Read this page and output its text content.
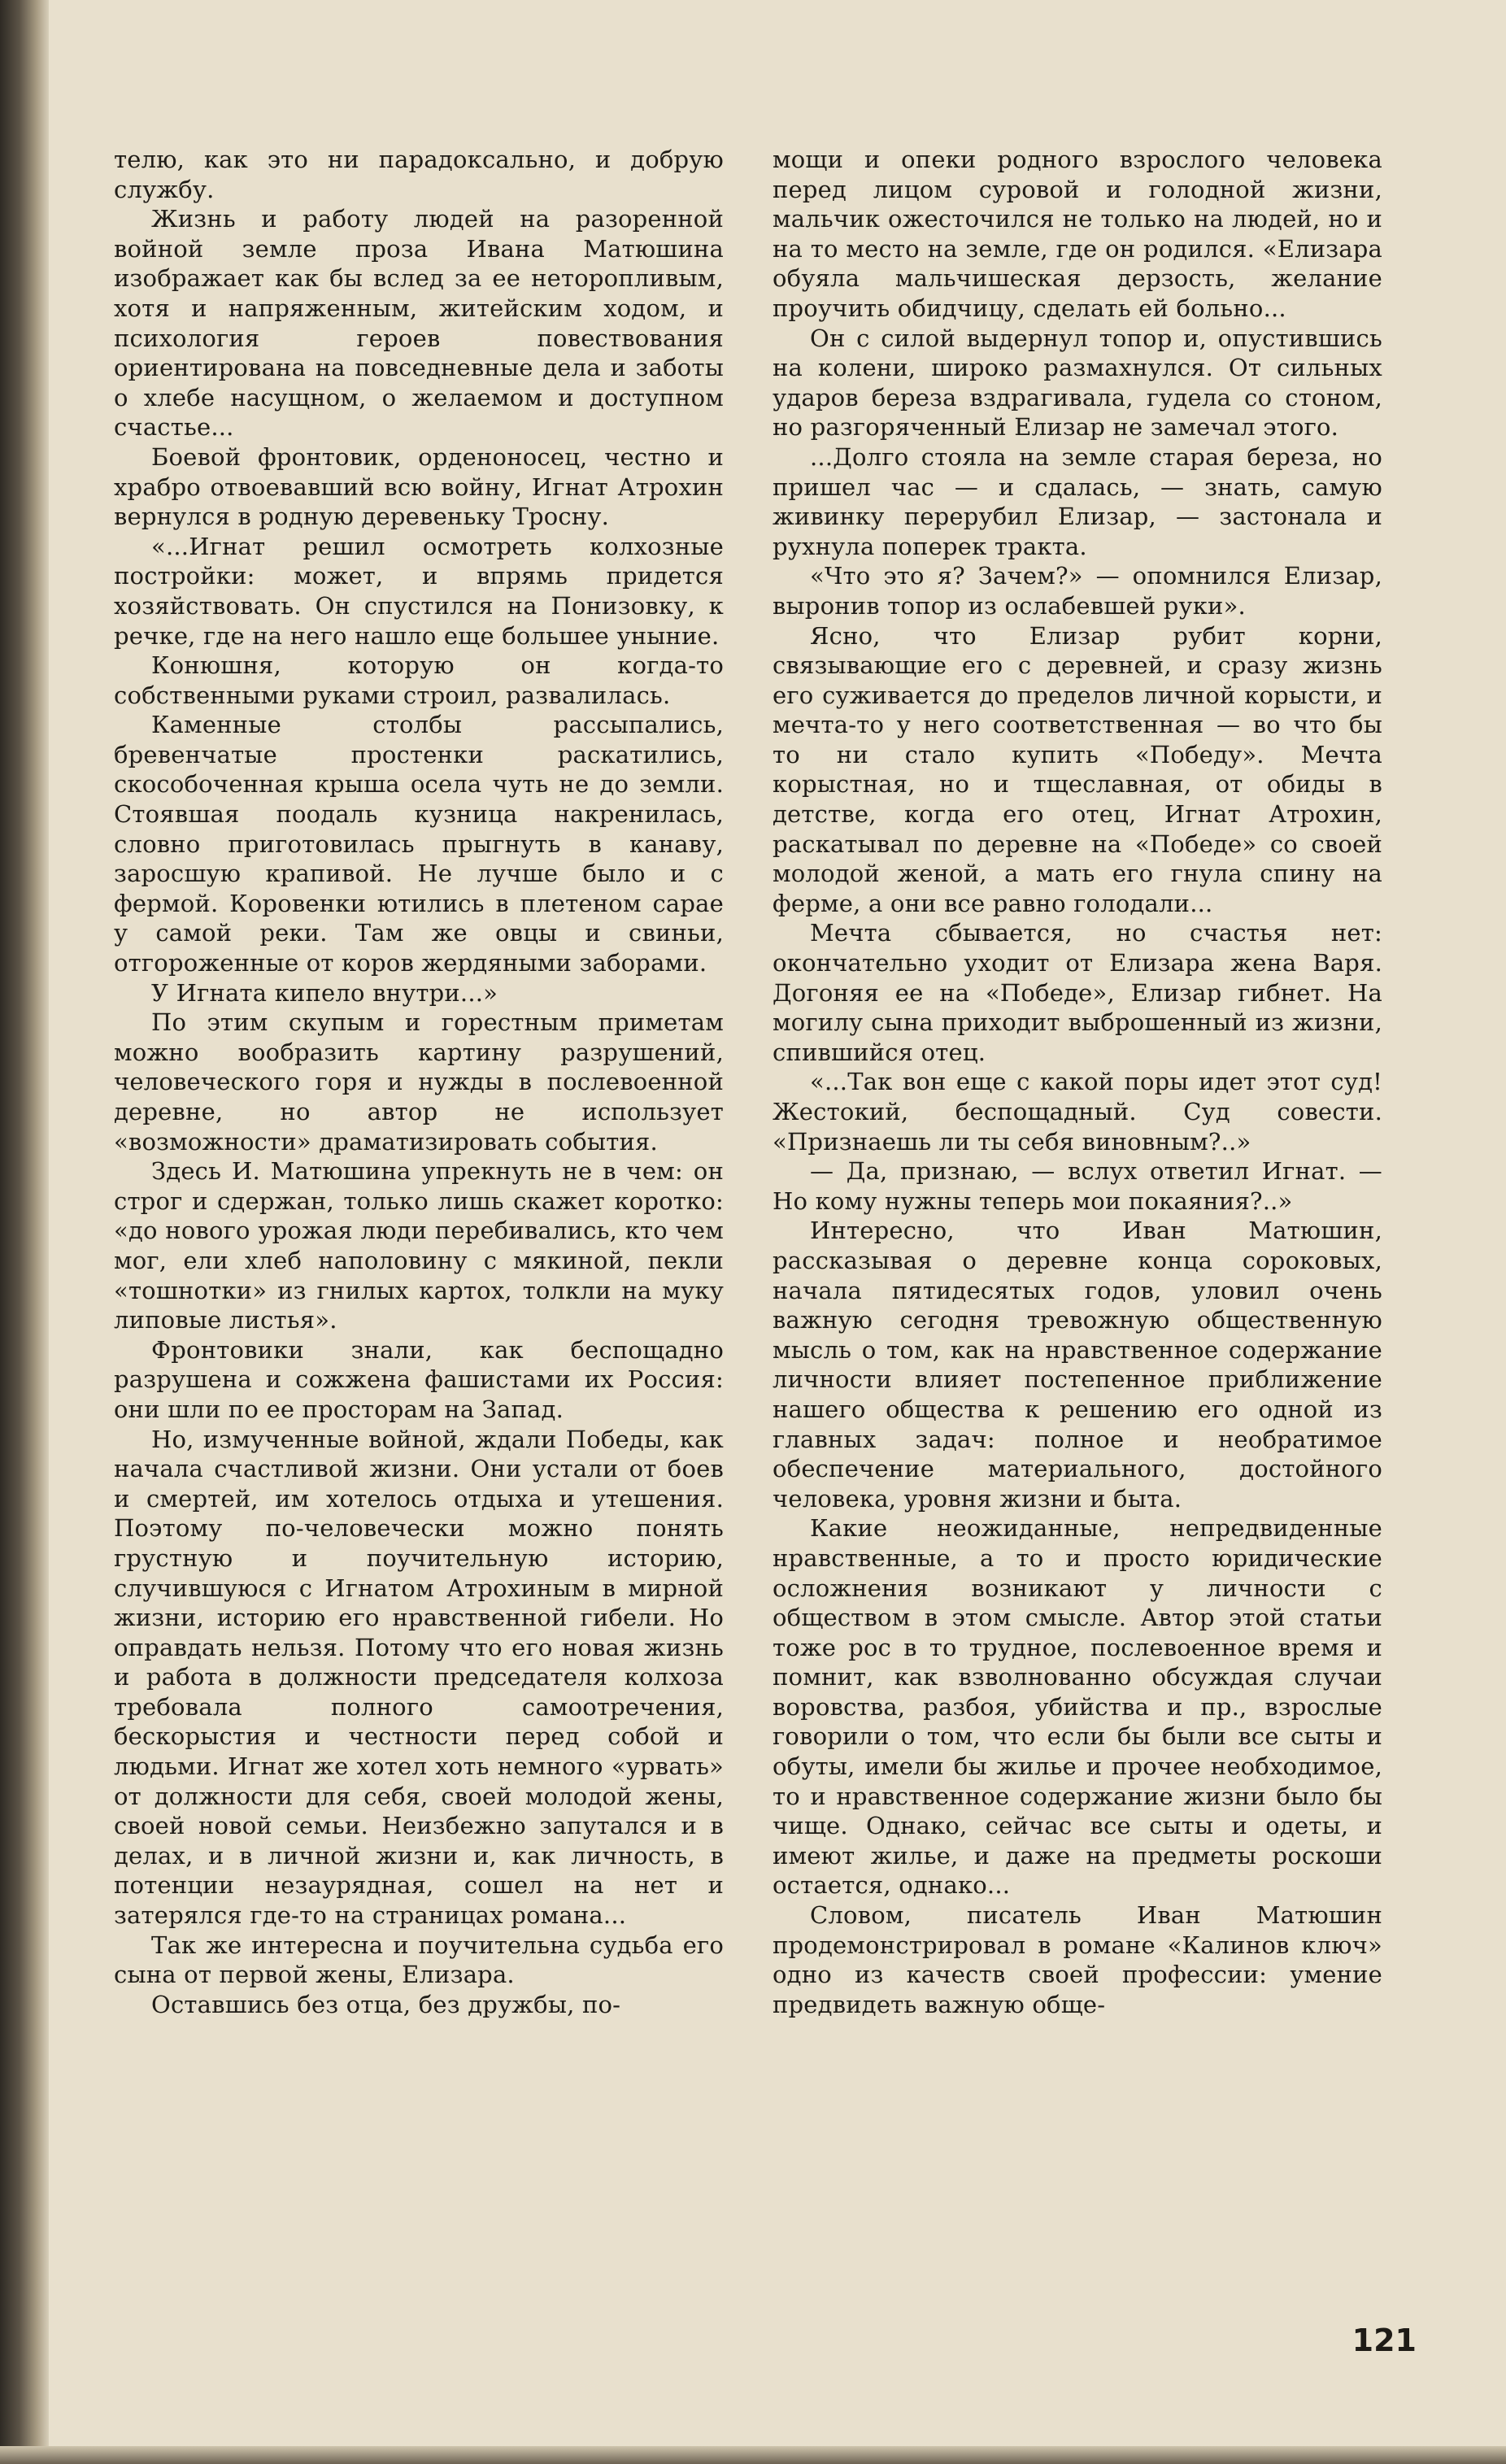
телю, как это ни парадоксально, и добрую службу.

Жизнь и работу людей на разоренной войной земле проза Ивана Матюшина изображает как бы вслед за ее неторопливым, хотя и напряженным, житейским ходом, и психология героев повествования ориентирована на повседневные дела и заботы о хлебе насущном, о желаемом и доступном счастье...

Боевой фронтовик, орденоносец, честно и храбро отвоевавший всю войну, Игнат Атрохин вернулся в родную деревеньку Тросну.

«...Игнат решил осмотреть колхозные постройки: может, и впрямь придется хозяйствовать. Он спустился на Понизовку, к речке, где на него нашло еще большее уныние.

Конюшня, которую он когда-то собственными руками строил, развалилась.

Каменные столбы рассыпались, бревенчатые простенки раскатились, скособоченная крыша осела чуть не до земли. Стоявшая поодаль кузница накренилась, словно приготовилась прыгнуть в канаву, заросшую крапивой. Не лучше было и с фермой. Коровенки ютились в плетеном сарае у самой реки. Там же овцы и свиньи, отгороженные от коров жердяными заборами.

У Игната кипело внутри...»

По этим скупым и горестным приметам можно вообразить картину разрушений, человеческого горя и нужды в послевоенной деревне, но автор не использует «возможности» драматизировать события.

Здесь И. Матюшина упрекнуть не в чем: он строг и сдержан, только лишь скажет коротко: «до нового урожая люди перебивались, кто чем мог, ели хлеб наполовину с мякиной, пекли «тошнотки» из гнилых картох, толкли на муку липовые листья».

Фронтовики знали, как беспощадно разрушена и сожжена фашистами их Россия: они шли по ее просторам на Запад.

Но, измученные войной, ждали Победы, как начала счастливой жизни. Они устали от боев и смертей, им хотелось отдыха и утешения. Поэтому по-человечески можно понять грустную и поучительную историю, случившуюся с Игнатом Атрохиным в мирной жизни, историю его нравственной гибели. Но оправдать нельзя. Потому что его новая жизнь и работа в должности председателя колхоза требовала полного самоотречения, бескорыстия и честности перед собой и людьми. Игнат же хотел хоть немного «урвать» от должности для себя, своей молодой жены, своей новой семьи. Неизбежно запутался и в делах, и в личной жизни и, как личность, в потенции незаурядная, сошел на нет и затерялся где-то на страницах романа...

Так же интересна и поучительна судьба его сына от первой жены, Елизара.

Оставшись без отца, без дружбы, по-

мощи и опеки родного взрослого человека перед лицом суровой и голодной жизни, мальчик ожесточился не только на людей, но и на то место на земле, где он родился. «Елизара обуяла мальчишеская дерзость, желание проучить обидчицу, сделать ей больно...

Он с силой выдернул топор и, опустившись на колени, широко размахнулся. От сильных ударов береза вздрагивала, гудела со стоном, но разгоряченный Елизар не замечал этого.

...Долго стояла на земле старая береза, но пришел час — и сдалась, — знать, самую живинку перерубил Елизар, — застонала и рухнула поперек тракта.

«Что это я? Зачем?» — опомнился Елизар, выронив топор из ослабевшей руки».

Ясно, что Елизар рубит корни, связывающие его с деревней, и сразу жизнь его суживается до пределов личной корысти, и мечта-то у него соответственная — во что бы то ни стало купить «Победу». Мечта корыстная, но и тщеславная, от обиды в детстве, когда его отец, Игнат Атрохин, раскатывал по деревне на «Победе» со своей молодой женой, а мать его гнула спину на ферме, а они все равно голодали...

Мечта сбывается, но счастья нет: окончательно уходит от Елизара жена Варя. Догоняя ее на «Победе», Елизар гибнет. На могилу сына приходит выброшенный из жизни, спившийся отец.

«...Так вон еще с какой поры идет этот суд! Жестокий, беспощадный. Суд совести. «Признаешь ли ты себя виновным?..»

— Да, признаю, — вслух ответил Игнат. — Но кому нужны теперь мои покаяния?..»

Интересно, что Иван Матюшин, рассказывая о деревне конца сороковых, начала пятидесятых годов, уловил очень важную сегодня тревожную общественную мысль о том, как на нравственное содержание личности влияет постепенное приближение нашего общества к решению его одной из главных задач: полное и необратимое обеспечение материального, достойного человека, уровня жизни и быта.

Какие неожиданные, непредвиденные нравственные, а то и просто юридические осложнения возникают у личности с обществом в этом смысле. Автор этой статьи тоже рос в то трудное, послевоенное время и помнит, как взволнованно обсуждая случаи воровства, разбоя, убийства и пр., взрослые говорили о том, что если бы были все сыты и обуты, имели бы жилье и прочее необходимое, то и нравственное содержание жизни было бы чище. Однако, сейчас все сыты и одеты, и имеют жилье, и даже на предметы роскоши остается, однако...

Словом, писатель Иван Матюшин продемонстрировал в романе «Калинов ключ» одно из качеств своей профессии: умение предвидеть важную обще-

121
